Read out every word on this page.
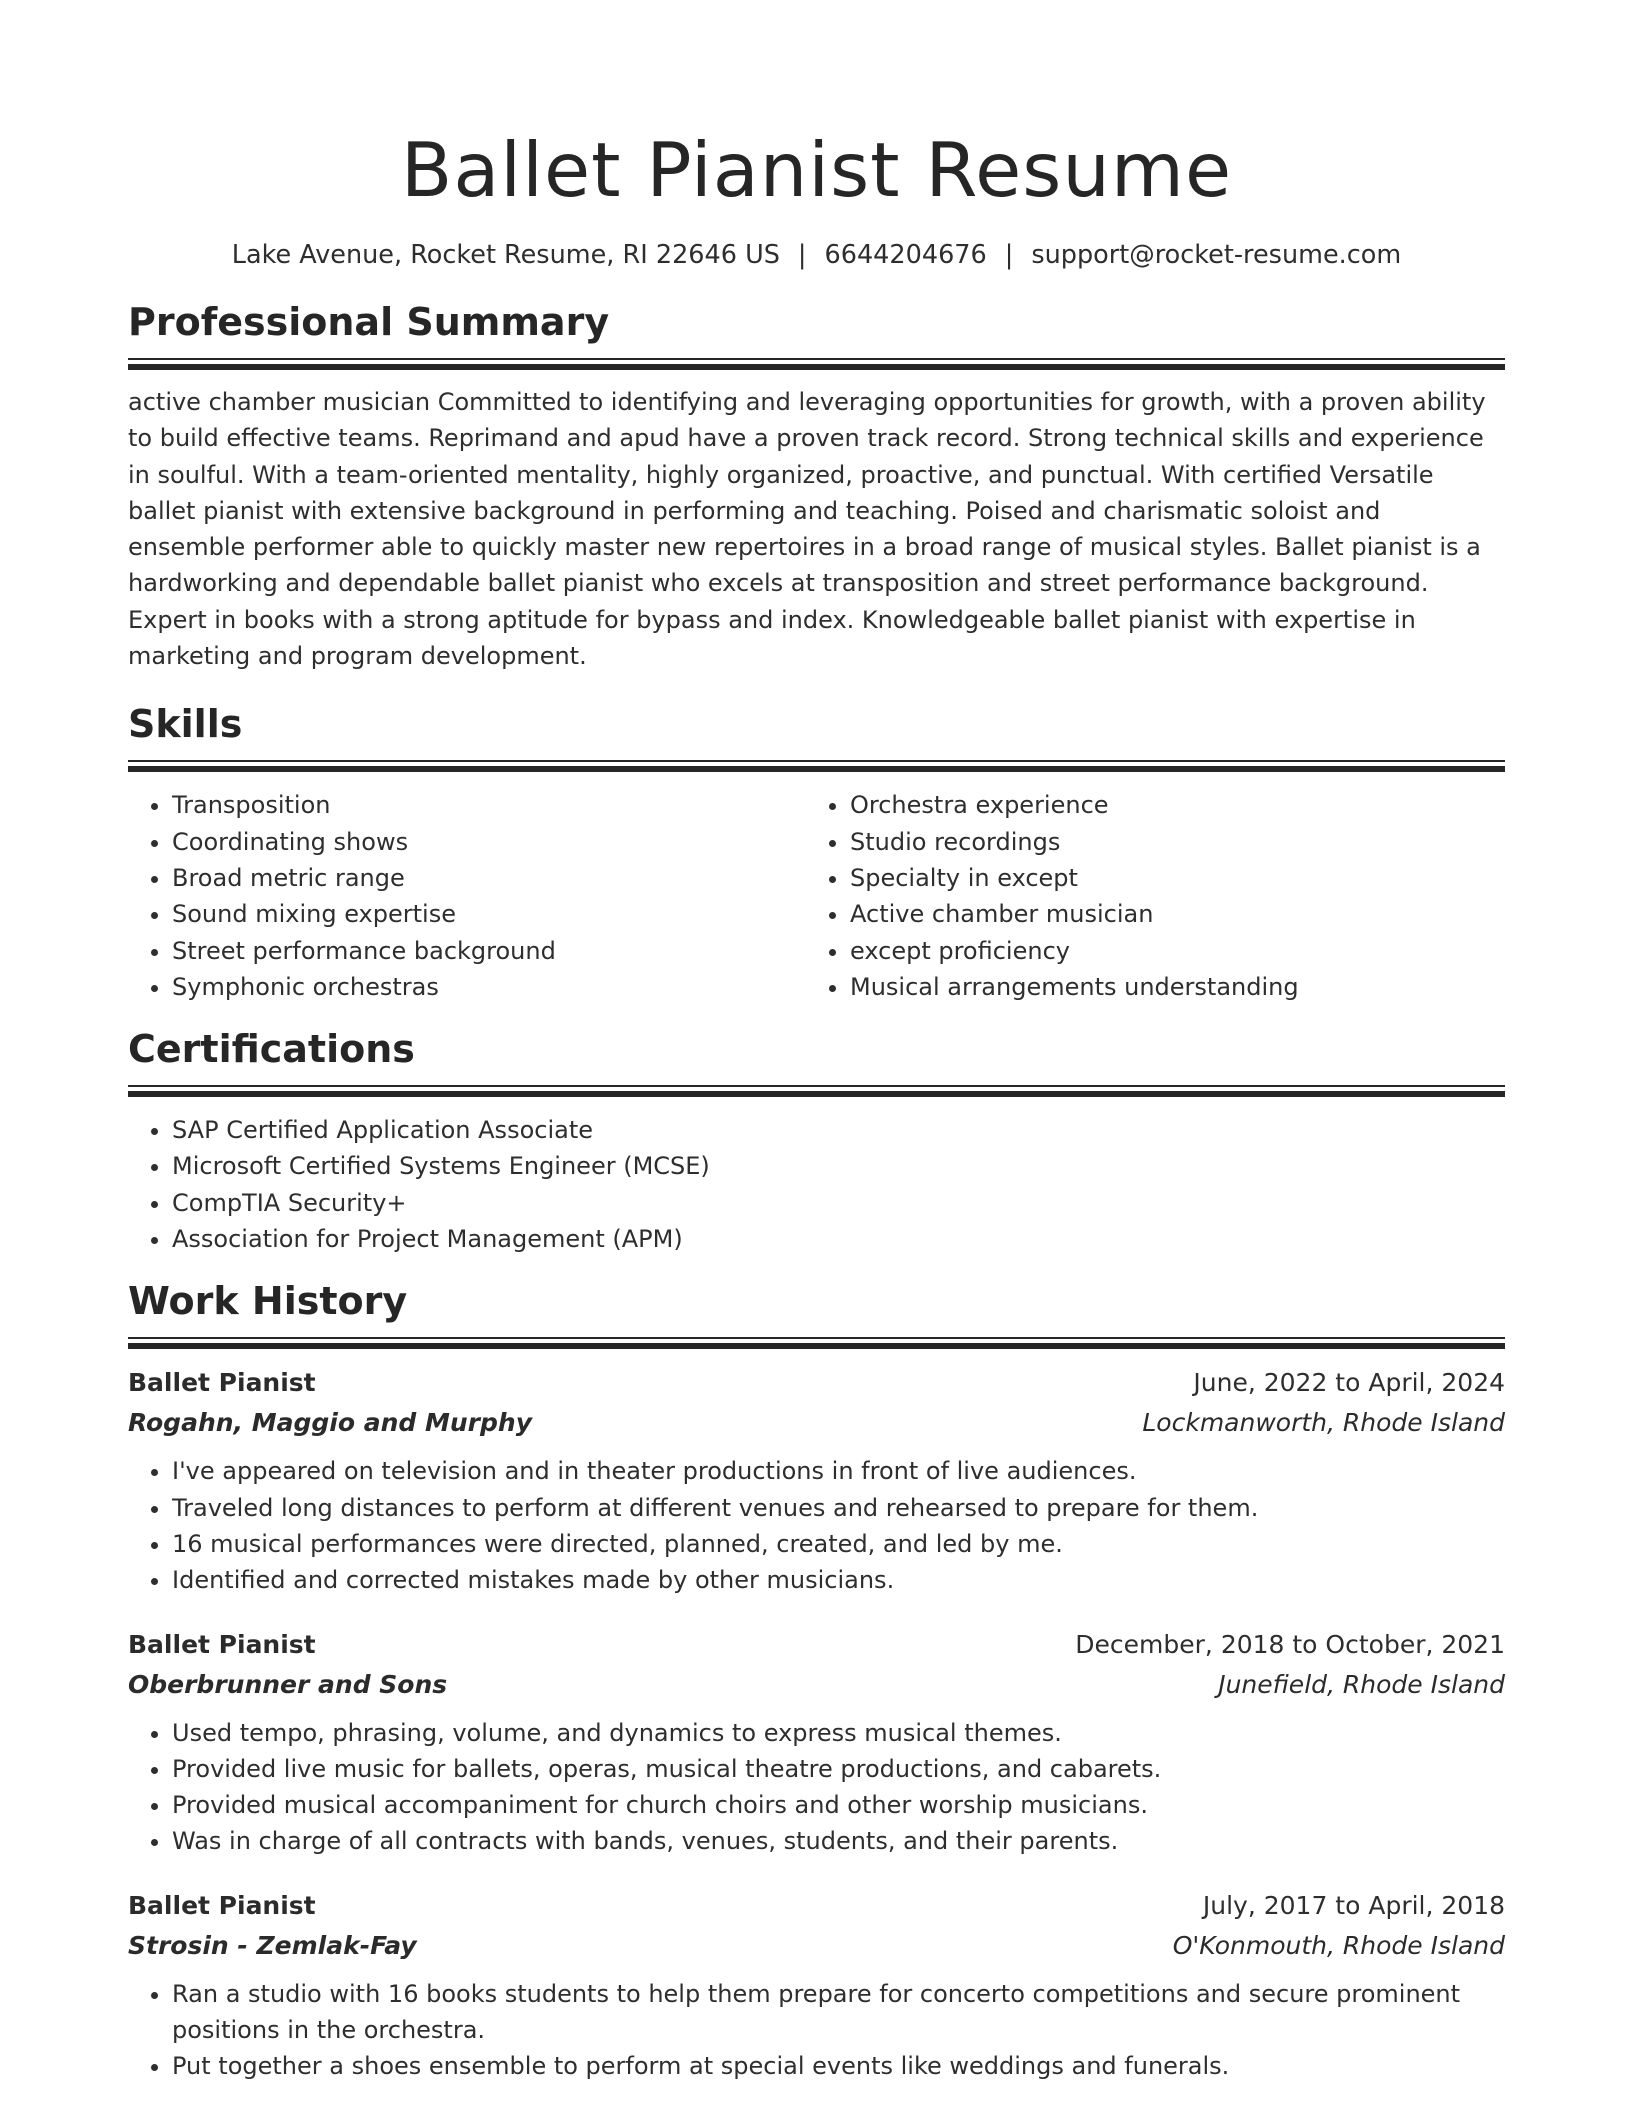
Ballet Pianist Resume
Lake Avenue, Rocket Resume, RI 22646 US | 6644204676 | support@rocket-resume.com
Professional Summary

active chamber musician Committed to identifying and leveraging opportunities for growth, with a proven ability to build effective teams. Reprimand and apud have a proven track record. Strong technical skills and experience in soulful. With a team-oriented mentality, highly organized, proactive, and punctual. With certified Versatile ballet pianist with extensive background in performing and teaching. Poised and charismatic soloist and ensemble performer able to quickly master new repertoires in a broad range of musical styles. Ballet pianist is a hardworking and dependable ballet pianist who excels at transposition and street performance background. Expert in books with a strong aptitude for bypass and index. Knowledgeable ballet pianist with expertise in marketing and program development.

Skills
• Transposition
• Coordinating shows
• Broad metric range
• Sound mixing expertise
• Street performance background
• Symphonic orchestras
• Orchestra experience
• Studio recordings
• Specialty in except
• Active chamber musician
• except proficiency
• Musical arrangements understanding
Certifications
• SAP Certified Application Associate
• Microsoft Certified Systems Engineer (MCSE)
• CompTIA Security+
• Association for Project Management (APM)
Work History
Ballet Pianist	June, 2022 to April, 2024
Rogahn, Maggio and Murphy	Lockmanworth, Rhode Island
• I've appeared on television and in theater productions in front of live audiences.
• Traveled long distances to perform at different venues and rehearsed to prepare for them.
• 16 musical performances were directed, planned, created, and led by me.
• Identified and corrected mistakes made by other musicians.
Ballet Pianist	December, 2018 to October, 2021
Oberbrunner and Sons	Junefield, Rhode Island
• Used tempo, phrasing, volume, and dynamics to express musical themes.
• Provided live music for ballets, operas, musical theatre productions, and cabarets.
• Provided musical accompaniment for church choirs and other worship musicians.
• Was in charge of all contracts with bands, venues, students, and their parents.
Ballet Pianist	July, 2017 to April, 2018
Strosin - Zemlak-Fay	O'Konmouth, Rhode Island
• Ran a studio with 16 books students to help them prepare for concerto competitions and secure prominent positions in the orchestra.
• Put together a shoes ensemble to perform at special events like weddings and funerals.
